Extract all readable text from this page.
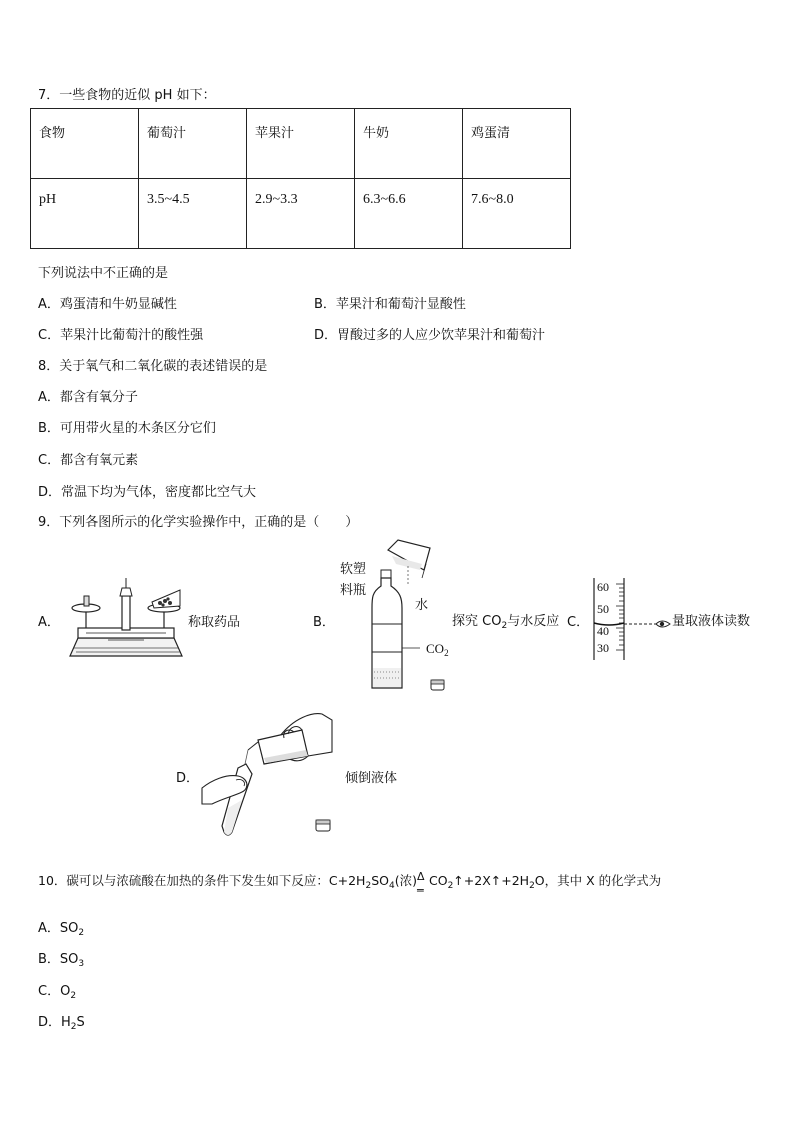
7．一些食物的近似 pH 如下：
食物	葡萄汁	苹果汁	牛奶	鸡蛋清
pH	3.5~4.5	2.9~3.3	6.3~6.6	7.6~8.0
下列说法中不正确的是
A．鸡蛋清和牛奶显碱性	B．苹果汁和葡萄汁显酸性
C．苹果汁比葡萄汁的酸性强	D．胃酸过多的人应少饮苹果汁和葡萄汁
8．关于氧气和二氧化碳的表述错误的是
A．都含有氧分子
B．可用带火星的木条区分它们
C．都含有氧元素
D．常温下均为气体，密度都比空气大
9．下列各图所示的化学实验操作中，正确的是（　　）
A．	称取药品	B．
软塑
料瓶
水
$CO_2$
探究 $CO_2$与水反应 C．
60
50
40
30
量取液体读数
D．	倾倒液体
10．碳可以与浓硫酸在加热的条件下发生如下反应：$C+2H_2SO_4$(浓) Δ
═
$CO_2↑+2X↑+2H_2O$，其中 X 的化学式为
A．$SO_2$
B．$SO_3$
C．$O_2$
D．$H_2S$
